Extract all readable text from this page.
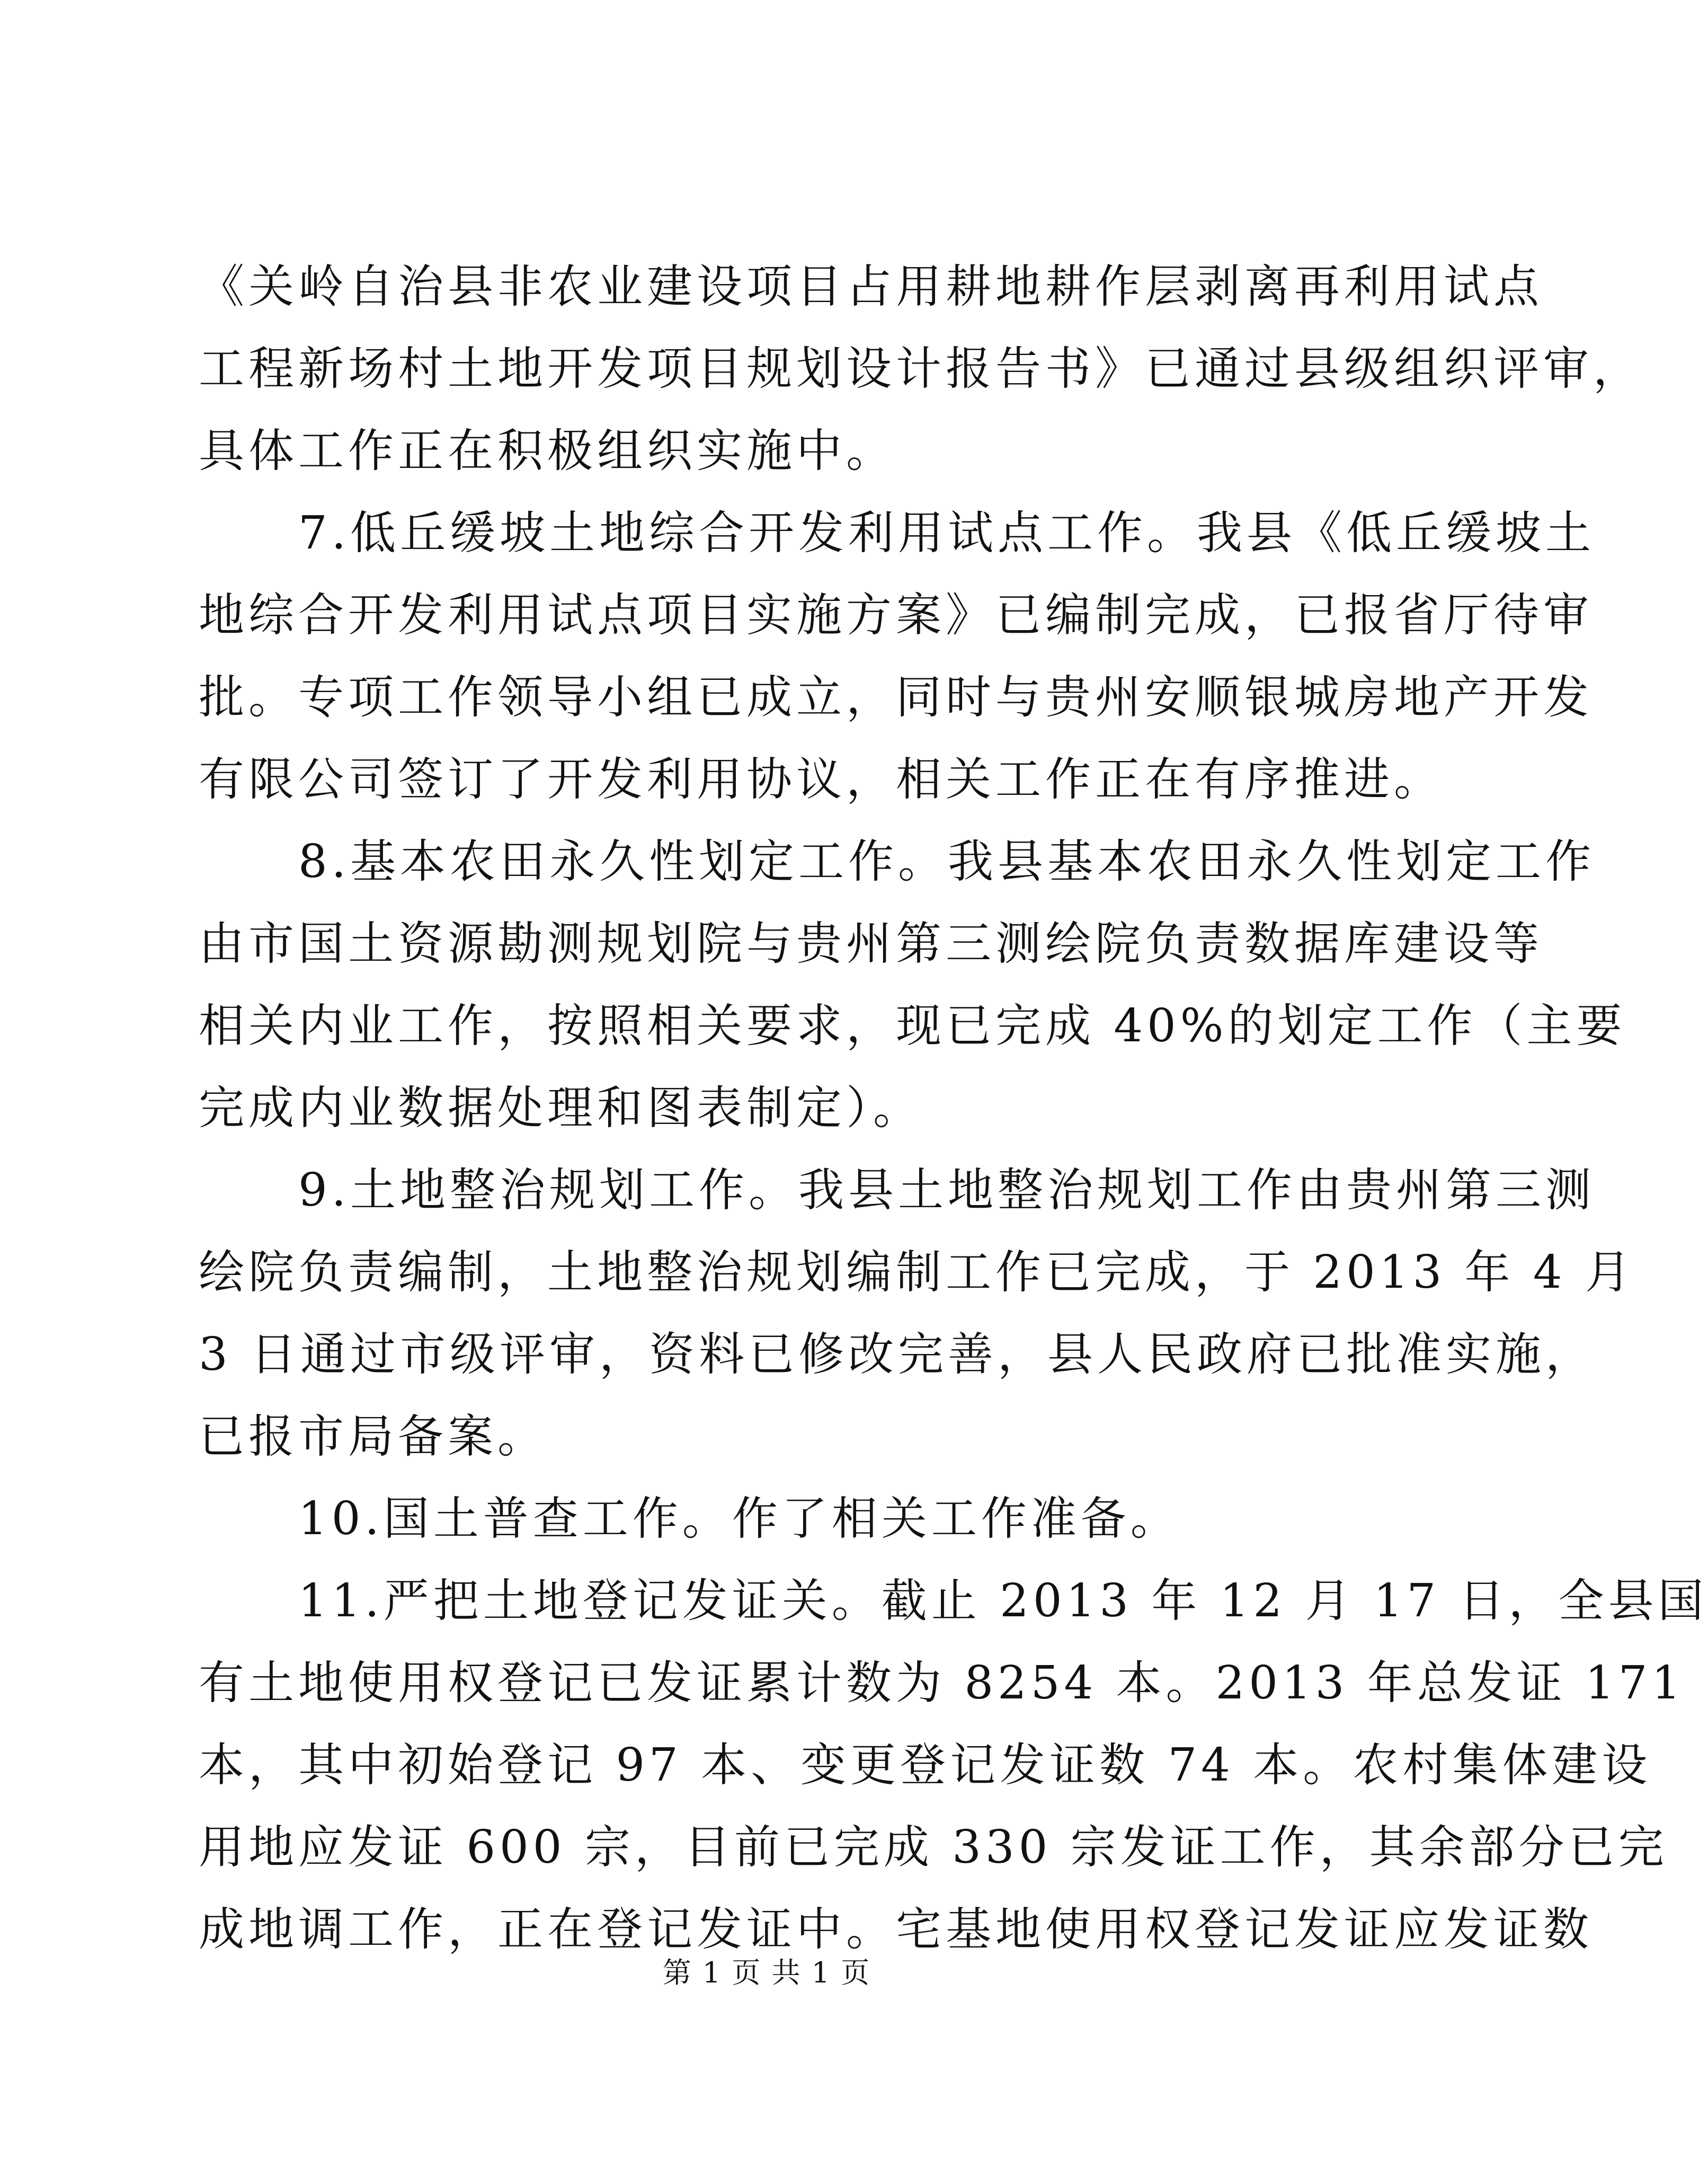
《关岭自治县非农业建设项目占用耕地耕作层剥离再利用试点
工程新场村土地开发项目规划设计报告书》已通过县级组织评审，
具体工作正在积极组织实施中。
　　7.低丘缓坡土地综合开发利用试点工作。我县《低丘缓坡土
地综合开发利用试点项目实施方案》已编制完成，已报省厅待审
批。专项工作领导小组已成立，同时与贵州安顺银城房地产开发
有限公司签订了开发利用协议，相关工作正在有序推进。
　　8.基本农田永久性划定工作。我县基本农田永久性划定工作
由市国土资源勘测规划院与贵州第三测绘院负责数据库建设等
相关内业工作，按照相关要求，现已完成 40%的划定工作（主要
完成内业数据处理和图表制定）。
　　9.土地整治规划工作。我县土地整治规划工作由贵州第三测
绘院负责编制，土地整治规划编制工作已完成，于 2013 年 4 月
3 日通过市级评审，资料已修改完善，县人民政府已批准实施，
已报市局备案。
　　10.国土普查工作。作了相关工作准备。
　　11.严把土地登记发证关。截止 2013 年 12 月 17 日，全县国
有土地使用权登记已发证累计数为 8254 本。2013 年总发证 171
本，其中初始登记 97 本、变更登记发证数 74 本。农村集体建设
用地应发证 600 宗，目前已完成 330 宗发证工作，其余部分已完
成地调工作，正在登记发证中。宅基地使用权登记发证应发证数
第 1 页 共 1 页
